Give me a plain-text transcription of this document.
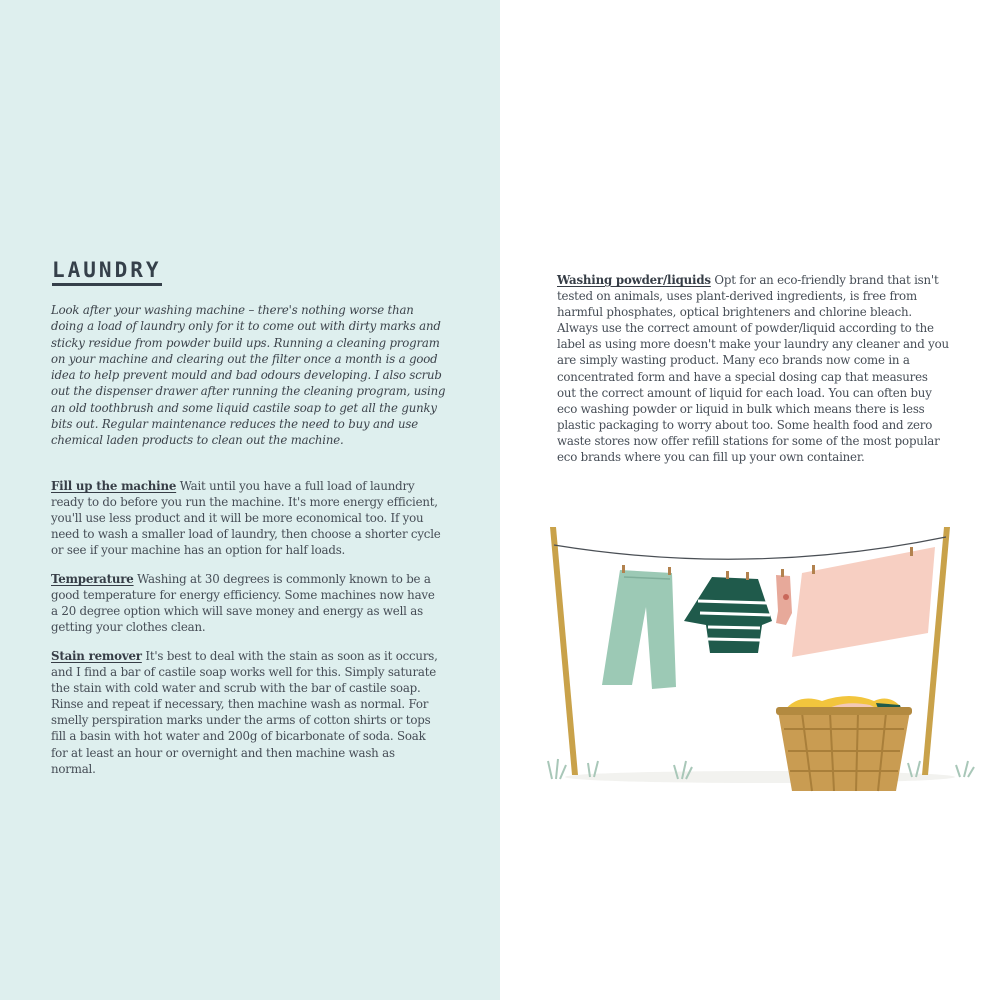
LAUNDRY

Look after your washing machine – there's nothing worse than doing a load of laundry only for it to come out with dirty marks and sticky residue from powder build ups. Running a cleaning program on your machine and clearing out the filter once a month is a good idea to help prevent mould and bad odours developing. I also scrub out the dispenser drawer after running the cleaning program, using an old toothbrush and some liquid castile soap to get all the gunky bits out. Regular maintenance reduces the need to buy and use chemical laden products to clean out the machine.

Fill up the machine Wait until you have a full load of laundry ready to do before you run the machine. It's more energy efficient, you'll use less product and it will be more economical too. If you need to wash a smaller load of laundry, then choose a shorter cycle or see if your machine has an option for half loads.

Temperature Washing at 30 degrees is commonly known to be a good temperature for energy efficiency. Some machines now have a 20 degree option which will save money and energy as well as getting your clothes clean.

Stain remover It's best to deal with the stain as soon as it occurs, and I find a bar of castile soap works well for this. Simply saturate the stain with cold water and scrub with the bar of castile soap. Rinse and repeat if necessary, then machine wash as normal. For smelly perspiration marks under the arms of cotton shirts or tops fill a basin with hot water and 200g of bicarbonate of soda. Soak for at least an hour or overnight and then machine wash as normal.

Washing powder/liquids Opt for an eco-friendly brand that isn't tested on animals, uses plant-derived ingredients, is free from harmful phosphates, optical brighteners and chlorine bleach. Always use the correct amount of powder/liquid according to the label as using more doesn't make your laundry any cleaner and you are simply wasting product. Many eco brands now come in a concentrated form and have a special dosing cap that measures out the correct amount of liquid for each load. You can often buy eco washing powder or liquid in bulk which means there is less plastic packaging to worry about too. Some health food and zero waste stores now offer refill stations for some of the most popular eco brands where you can fill up your own container.
